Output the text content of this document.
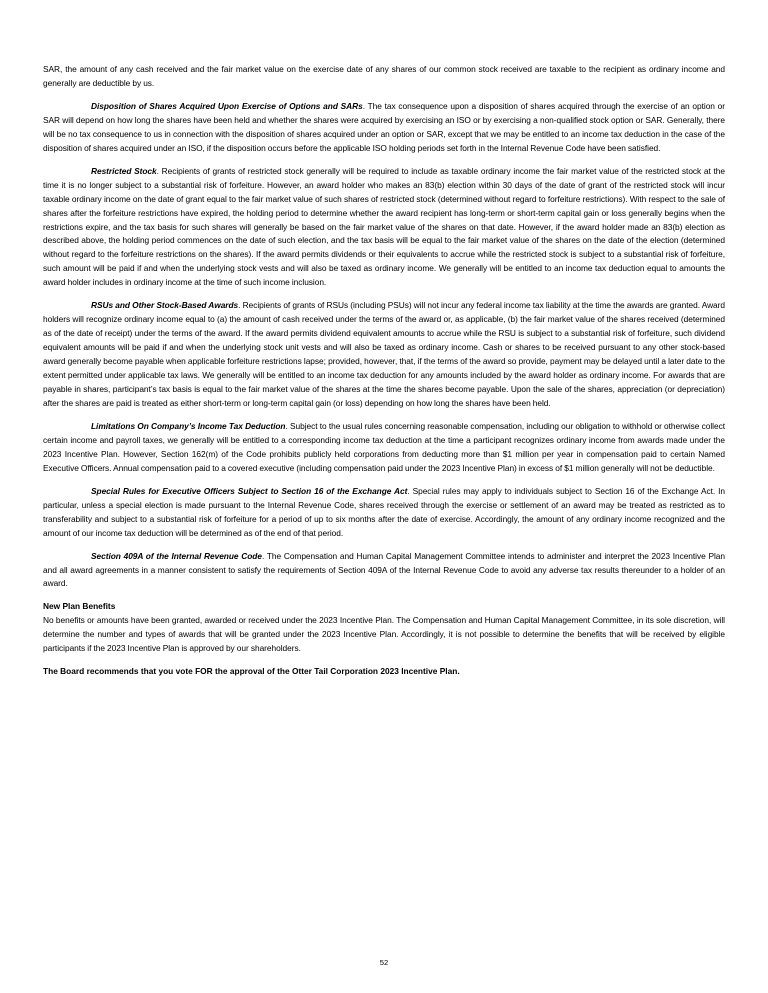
SAR, the amount of any cash received and the fair market value on the exercise date of any shares of our common stock received are taxable to the recipient as ordinary income and generally are deductible by us.

Disposition of Shares Acquired Upon Exercise of Options and SARs. The tax consequence upon a disposition of shares acquired through the exercise of an option or SAR will depend on how long the shares have been held and whether the shares were acquired by exercising an ISO or by exercising a non-qualified stock option or SAR. Generally, there will be no tax consequence to us in connection with the disposition of shares acquired under an option or SAR, except that we may be entitled to an income tax deduction in the case of the disposition of shares acquired under an ISO, if the disposition occurs before the applicable ISO holding periods set forth in the Internal Revenue Code have been satisfied.

Restricted Stock. Recipients of grants of restricted stock generally will be required to include as taxable ordinary income the fair market value of the restricted stock at the time it is no longer subject to a substantial risk of forfeiture. However, an award holder who makes an 83(b) election within 30 days of the date of grant of the restricted stock will incur taxable ordinary income on the date of grant equal to the fair market value of such shares of restricted stock (determined without regard to forfeiture restrictions). With respect to the sale of shares after the forfeiture restrictions have expired, the holding period to determine whether the award recipient has long-term or short-term capital gain or loss generally begins when the restrictions expire, and the tax basis for such shares will generally be based on the fair market value of the shares on that date. However, if the award holder made an 83(b) election as described above, the holding period commences on the date of such election, and the tax basis will be equal to the fair market value of the shares on the date of the election (determined without regard to the forfeiture restrictions on the shares). If the award permits dividends or their equivalents to accrue while the restricted stock is subject to a substantial risk of forfeiture, such amount will be paid if and when the underlying stock vests and will also be taxed as ordinary income. We generally will be entitled to an income tax deduction equal to amounts the award holder includes in ordinary income at the time of such income inclusion.

RSUs and Other Stock-Based Awards. Recipients of grants of RSUs (including PSUs) will not incur any federal income tax liability at the time the awards are granted. Award holders will recognize ordinary income equal to (a) the amount of cash received under the terms of the award or, as applicable, (b) the fair market value of the shares received (determined as of the date of receipt) under the terms of the award. If the award permits dividend equivalent amounts to accrue while the RSU is subject to a substantial risk of forfeiture, such dividend equivalent amounts will be paid if and when the underlying stock unit vests and will also be taxed as ordinary income. Cash or shares to be received pursuant to any other stock-based award generally become payable when applicable forfeiture restrictions lapse; provided, however, that, if the terms of the award so provide, payment may be delayed until a later date to the extent permitted under applicable tax laws. We generally will be entitled to an income tax deduction for any amounts included by the award holder as ordinary income. For awards that are payable in shares, participant’s tax basis is equal to the fair market value of the shares at the time the shares become payable. Upon the sale of the shares, appreciation (or depreciation) after the shares are paid is treated as either short-term or long-term capital gain (or loss) depending on how long the shares have been held.

Limitations On Company’s Income Tax Deduction. Subject to the usual rules concerning reasonable compensation, including our obligation to withhold or otherwise collect certain income and payroll taxes, we generally will be entitled to a corresponding income tax deduction at the time a participant recognizes ordinary income from awards made under the 2023 Incentive Plan. However, Section 162(m) of the Code prohibits publicly held corporations from deducting more than $1 million per year in compensation paid to certain Named Executive Officers. Annual compensation paid to a covered executive (including compensation paid under the 2023 Incentive Plan) in excess of $1 million generally will not be deductible.

Special Rules for Executive Officers Subject to Section 16 of the Exchange Act. Special rules may apply to individuals subject to Section 16 of the Exchange Act. In particular, unless a special election is made pursuant to the Internal Revenue Code, shares received through the exercise or settlement of an award may be treated as restricted as to transferability and subject to a substantial risk of forfeiture for a period of up to six months after the date of exercise. Accordingly, the amount of any ordinary income recognized and the amount of our income tax deduction will be determined as of the end of that period.

Section 409A of the Internal Revenue Code. The Compensation and Human Capital Management Committee intends to administer and interpret the 2023 Incentive Plan and all award agreements in a manner consistent to satisfy the requirements of Section 409A of the Internal Revenue Code to avoid any adverse tax results thereunder to a holder of an award.

New Plan Benefits

No benefits or amounts have been granted, awarded or received under the 2023 Incentive Plan. The Compensation and Human Capital Management Committee, in its sole discretion, will determine the number and types of awards that will be granted under the 2023 Incentive Plan. Accordingly, it is not possible to determine the benefits that will be received by eligible participants if the 2023 Incentive Plan is approved by our shareholders.

The Board recommends that you vote FOR the approval of the Otter Tail Corporation 2023 Incentive Plan.

52
